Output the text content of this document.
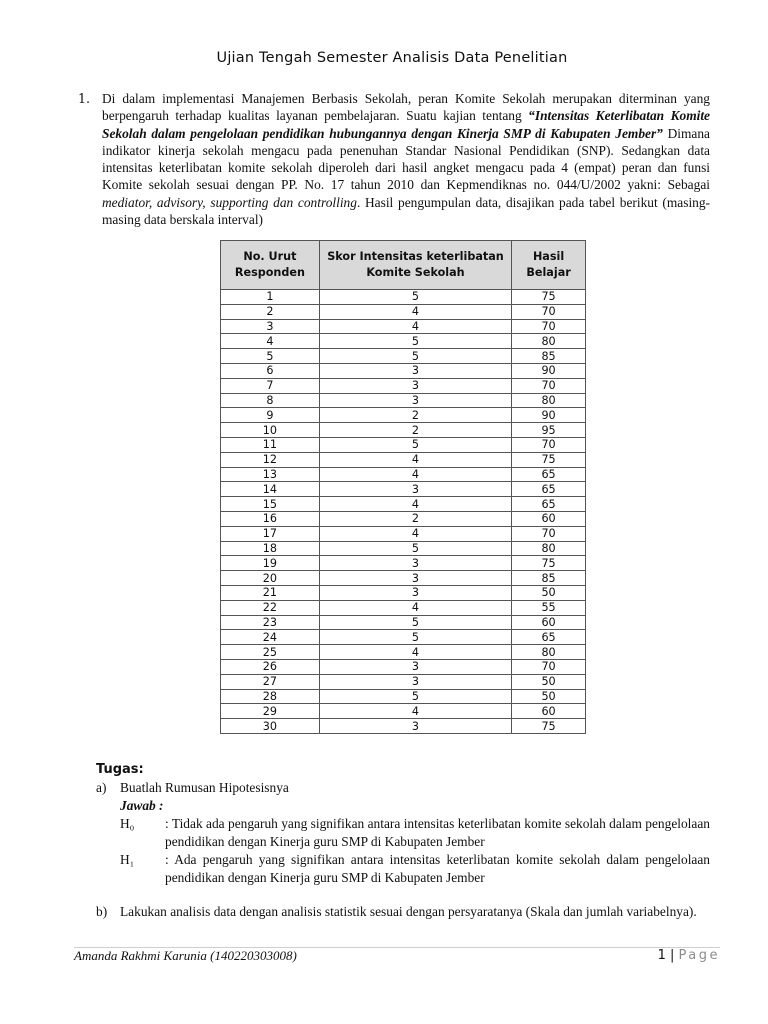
Ujian Tengah Semester Analisis Data Penelitian
1. Di dalam implementasi Manajemen Berbasis Sekolah, peran Komite Sekolah merupakan diterminan yang berpengaruh terhadap kualitas layanan pembelajaran. Suatu kajian tentang “Intensitas Keterlibatan Komite Sekolah dalam pengelolaan pendidikan hubungannya dengan Kinerja SMP di Kabupaten Jember” Dimana indikator kinerja sekolah mengacu pada penenuhan Standar Nasional Pendidikan (SNP). Sedangkan data intensitas keterlibatan komite sekolah diperoleh dari hasil angket mengacu pada 4 (empat) peran dan funsi Komite sekolah sesuai dengan PP. No. 17 tahun 2010 dan Kepmendiknas no. 044/U/2002 yakni: Sebagai mediator, advisory, supporting dan controlling. Hasil pengumpulan data, disajikan pada tabel berikut (masing-masing data berskala interval)
No. Urut Responden	Skor Intensitas keterlibatan Komite Sekolah	Hasil Belajar
1	5	75
2	4	70
3	4	70
4	5	80
5	5	85
6	3	90
7	3	70
8	3	80
9	2	90
10	2	95
11	5	70
12	4	75
13	4	65
14	3	65
15	4	65
16	2	60
17	4	70
18	5	80
19	3	75
20	3	85
21	3	50
22	4	55
23	5	60
24	5	65
25	4	80
26	3	70
27	3	50
28	5	50
29	4	60
30	3	75
Tugas:
a) Buatlah Rumusan Hipotesisnya
Jawab :
H₀ : Tidak ada pengaruh yang signifikan antara intensitas keterlibatan komite sekolah dalam pengelolaan pendidikan dengan Kinerja guru SMP di Kabupaten Jember
H₁ : Ada pengaruh yang signifikan antara intensitas keterlibatan komite sekolah dalam pengelolaan pendidikan dengan Kinerja guru SMP di Kabupaten Jember
b) Lakukan analisis data dengan analisis statistik sesuai dengan persyaratanya (Skala dan jumlah variabelnya).
Amanda Rakhmi Karunia (140220303008)	1 | Page
